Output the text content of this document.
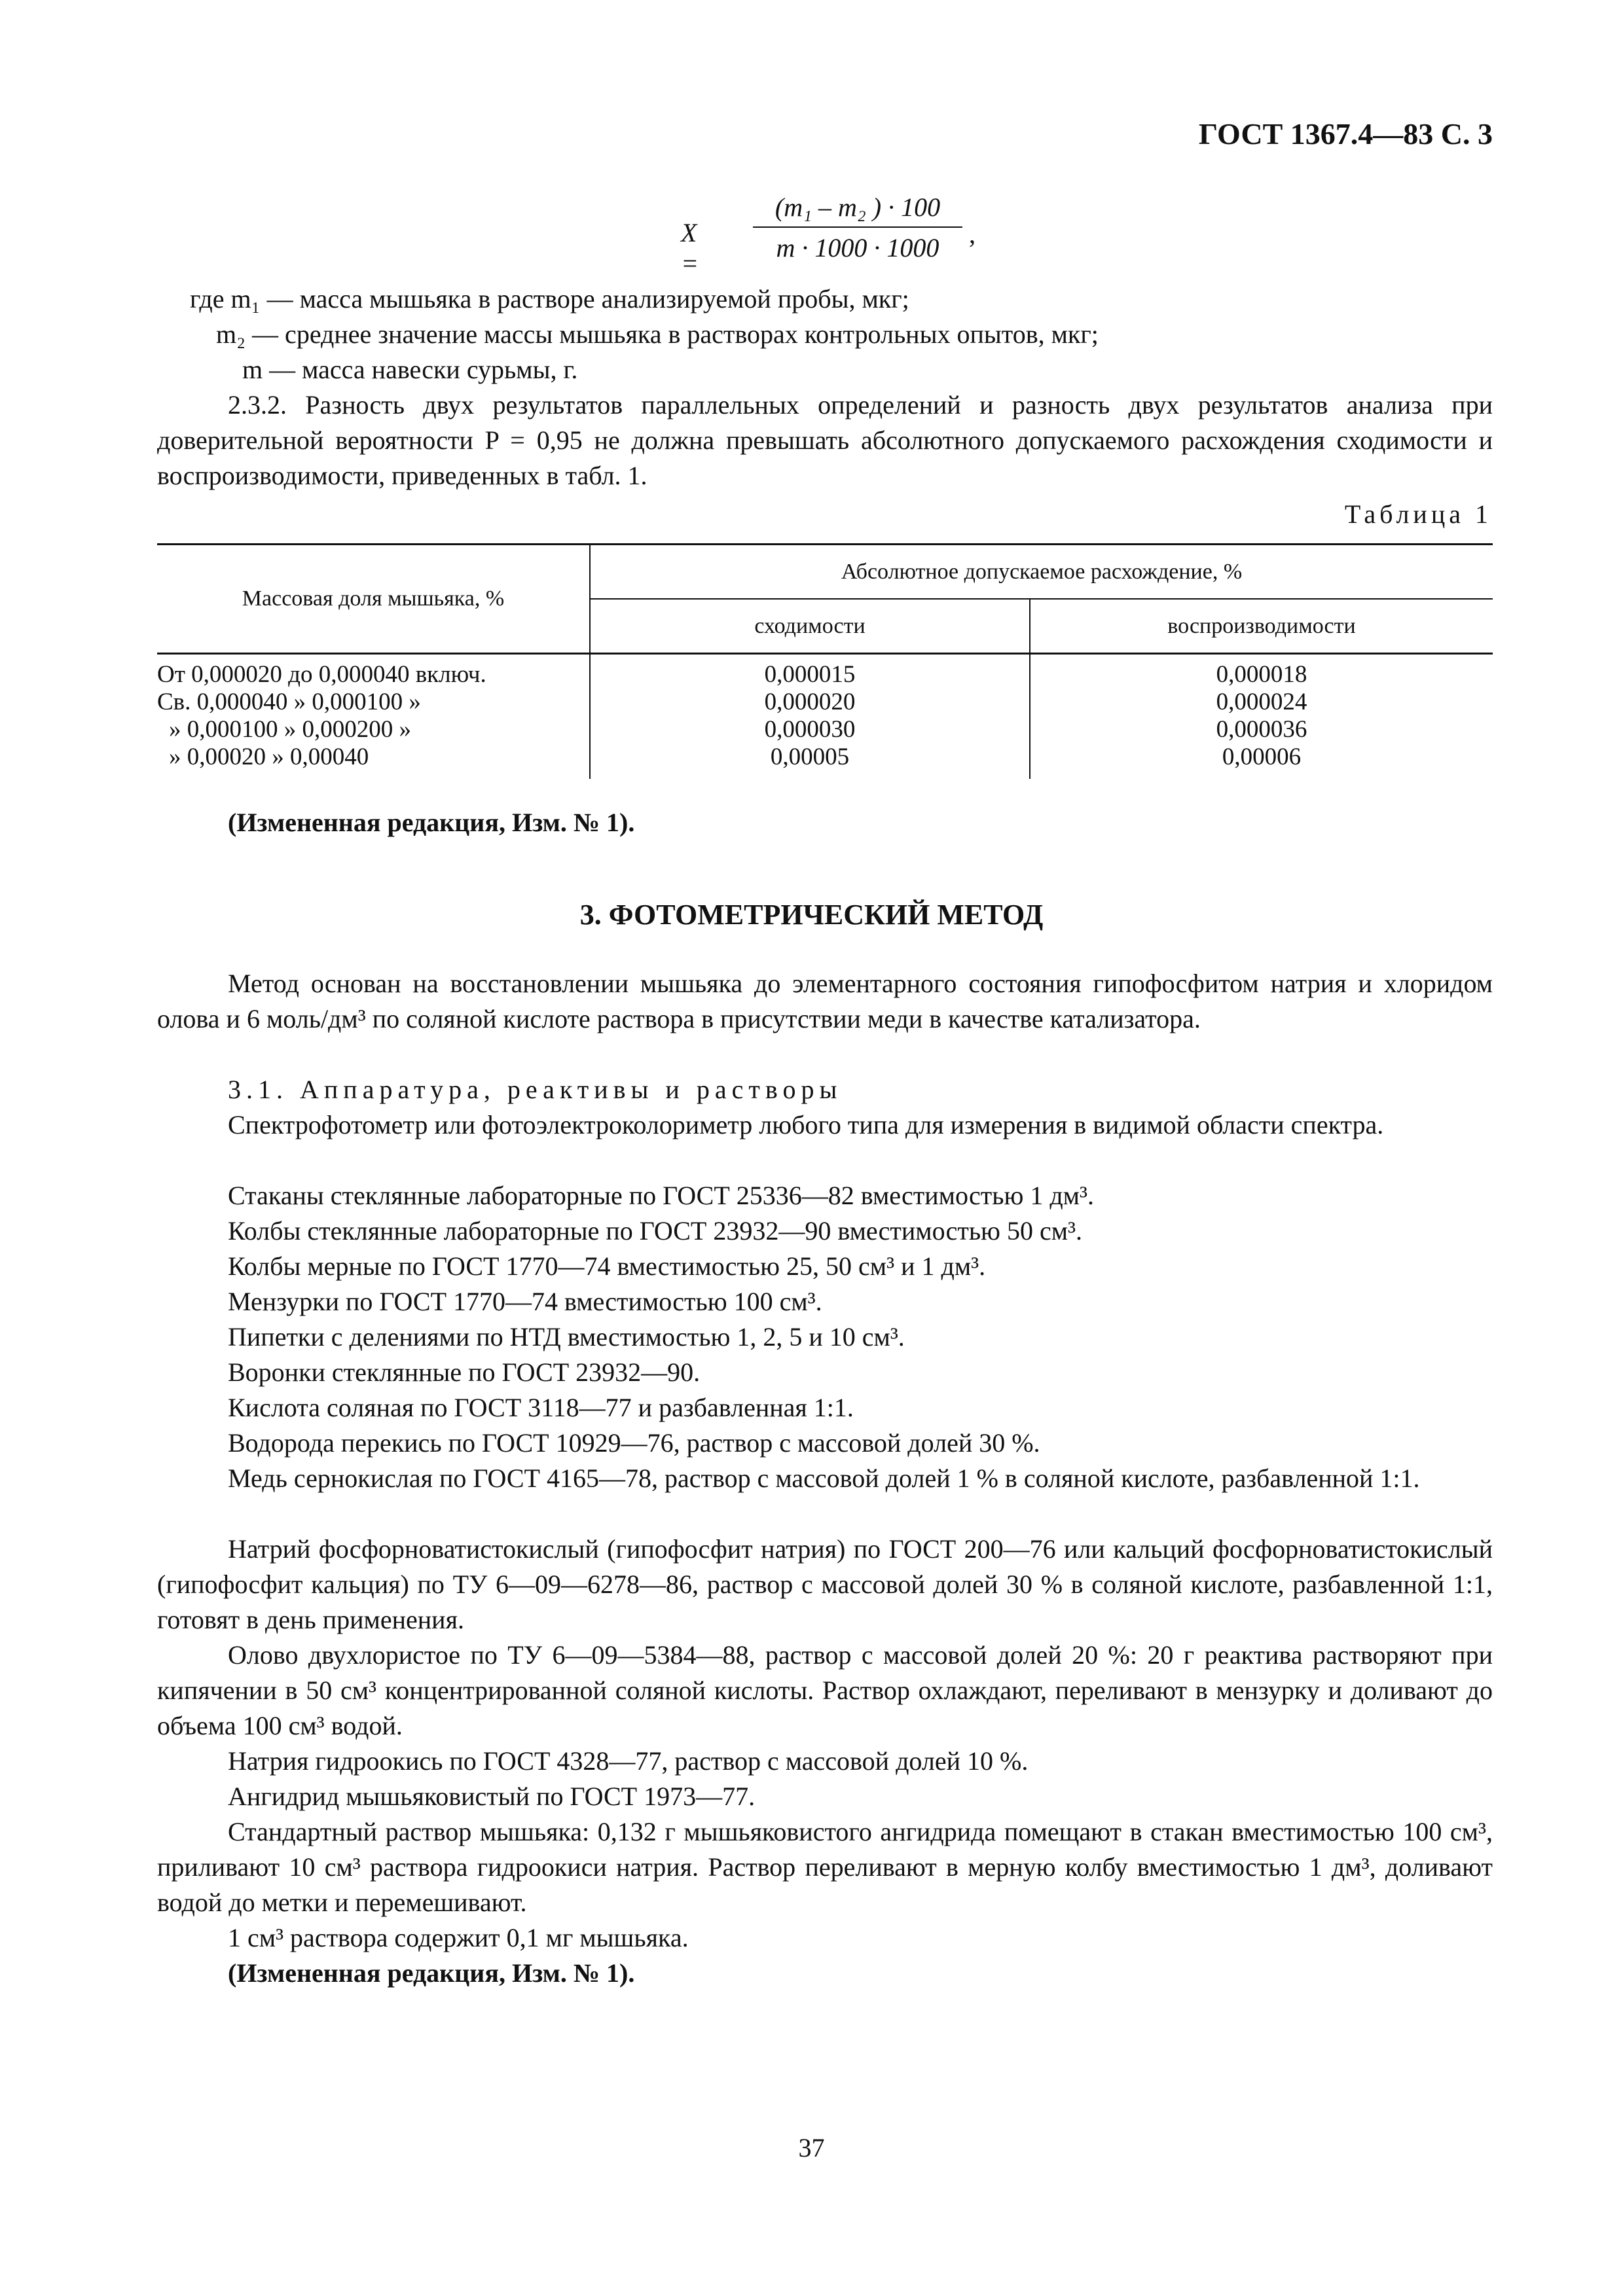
ГОСТ 1367.4—83 С. 3
X =
(m₁ – m₂ ) · 100
m · 1000 · 1000	,
где m₁ — масса мышьяка в растворе анализируемой пробы, мкг;
m₂ — среднее значение массы мышьяка в растворах контрольных опытов, мкг;
m — масса навески сурьмы, г.
2.3.2. Разность двух результатов параллельных определений и разность двух результатов анализа при доверительной вероятности P = 0,95 не должна превышать абсолютного допускаемого расхождения сходимости и воспроизводимости, приведенных в табл. 1.
Таблица 1
Массовая доля мышьяка, %	Абсолютное допускаемое расхождение, %	
	сходимости	воспроизводимости
От 0,000020 до 0,000040 включ.	0,000015	0,000018
Св. 0,000040 » 0,000100 »	0,000020	0,000024
» 0,000100 » 0,000200 »	0,000030	0,000036
» 0,00020 » 0,00040	0,00005	0,00006
(Измененная редакция, Изм. № 1).
3. ФОТОМЕТРИЧЕСКИЙ МЕТОД
Метод основан на восстановлении мышьяка до элементарного состояния гипофосфитом натрия и хлоридом олова и 6 моль/дм³ по соляной кислоте раствора в присутствии меди в качестве катализатора.
3.1. Аппаратура, реактивы и растворы
Спектрофотометр или фотоэлектроколориметр любого типа для измерения в видимой области спектра.
Стаканы стеклянные лабораторные по ГОСТ 25336—82 вместимостью 1 дм³.
Колбы стеклянные лабораторные по ГОСТ 23932—90 вместимостью 50 см³.
Колбы мерные по ГОСТ 1770—74 вместимостью 25, 50 см³ и 1 дм³.
Мензурки по ГОСТ 1770—74 вместимостью 100 см³.
Пипетки с делениями по НТД вместимостью 1, 2, 5 и 10 см³.
Воронки стеклянные по ГОСТ 23932—90.
Кислота соляная по ГОСТ 3118—77 и разбавленная 1:1.
Водорода перекись по ГОСТ 10929—76, раствор с массовой долей 30 %.
Медь сернокислая по ГОСТ 4165—78, раствор с массовой долей 1 % в соляной кислоте, разбавленной 1:1.
Натрий фосфорноватистокислый (гипофосфит натрия) по ГОСТ 200—76 или кальций фосфорноватистокислый (гипофосфит кальция) по ТУ 6—09—6278—86, раствор с массовой долей 30 % в соляной кислоте, разбавленной 1:1, готовят в день применения.
Олово двухлористое по ТУ 6—09—5384—88, раствор с массовой долей 20 %: 20 г реактива растворяют при кипячении в 50 см³ концентрированной соляной кислоты. Раствор охлаждают, переливают в мензурку и доливают до объема 100 см³ водой.
Натрия гидроокись по ГОСТ 4328—77, раствор с массовой долей 10 %.
Ангидрид мышьяковистый по ГОСТ 1973—77.
Стандартный раствор мышьяка: 0,132 г мышьяковистого ангидрида помещают в стакан вместимостью 100 см³, приливают 10 см³ раствора гидроокиси натрия. Раствор переливают в мерную колбу вместимостью 1 дм³, доливают водой до метки и перемешивают.
1 см³ раствора содержит 0,1 мг мышьяка.
(Измененная редакция, Изм. № 1).
37
